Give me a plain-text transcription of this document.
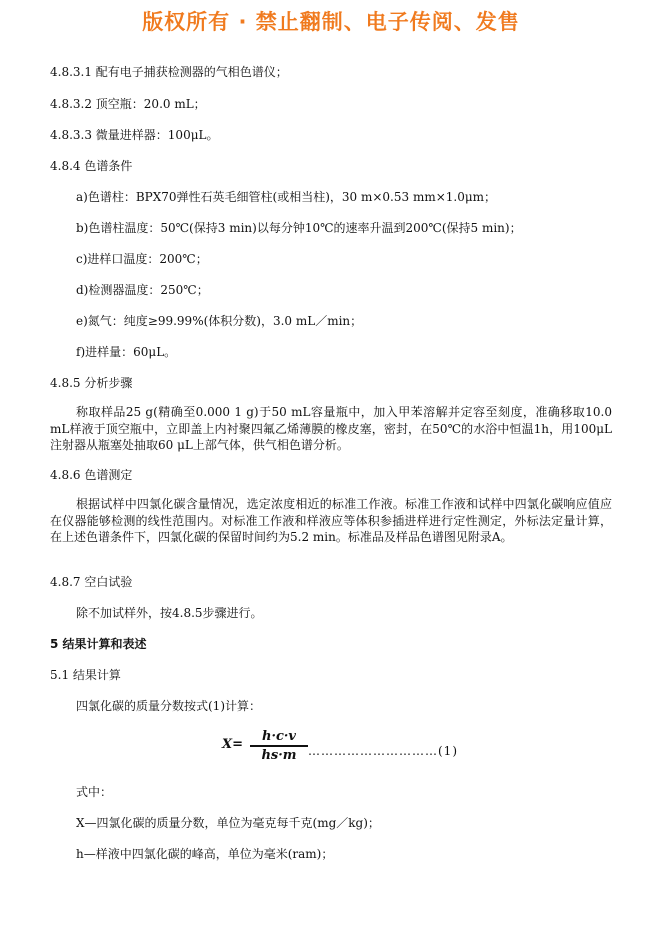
版权所有 · 禁止翻制、电子传阅、发售
4.8.3.1 配有电子捕获检测器的气相色谱仪；
4.8.3.2 顶空瓶：20.0 mL；
4.8.3.3 微量进样器：100μL。
4.8.4 色谱条件
a)色谱柱：BPX70弹性石英毛细管柱(或相当柱)，30 m×0.53 mm×1.0μm；
b)色谱柱温度：50℃(保持3 min)以每分钟10℃的速率升温到200℃(保持5 min)；
c)进样口温度：200℃；
d)检测器温度：250℃；
e)氮气：纯度≥99.99%(体积分数)，3.0 mL／min；
f)进样量：60μL。
4.8.5 分析步骤
称取样品25 g(精确至0.000 1 g)于50 mL容量瓶中，加入甲苯溶解并定容至刻度，准确移取10.0 mL样液于顶空瓶中，立即盖上内衬聚四氟乙烯薄膜的橡皮塞，密封，在50℃的水浴中恒温1h，用100μL注射器从瓶塞处抽取60 μL上部气体，供气相色谱分析。
4.8.6 色谱测定
根据试样中四氯化碳含量情况，选定浓度相近的标准工作液。标准工作液和试样中四氯化碳响应值应在仪器能够检测的线性范围内。对标准工作液和样液应等体积参插进样进行定性测定，外标法定量计算，在上述色谱条件下，四氯化碳的保留时间约为5.2 min。标准品及样品色谱图见附录A。
4.8.7 空白试验
除不加试样外，按4.8.5步骤进行。
5 结果计算和表述
5.1 结果计算
四氯化碳的质量分数按式(1)计算：
X=
h·c·v
hs·m …………………………(1)
式中：
X—四氯化碳的质量分数，单位为毫克每千克(mg／kg)；
h—样液中四氯化碳的峰高，单位为毫米(ram)；
